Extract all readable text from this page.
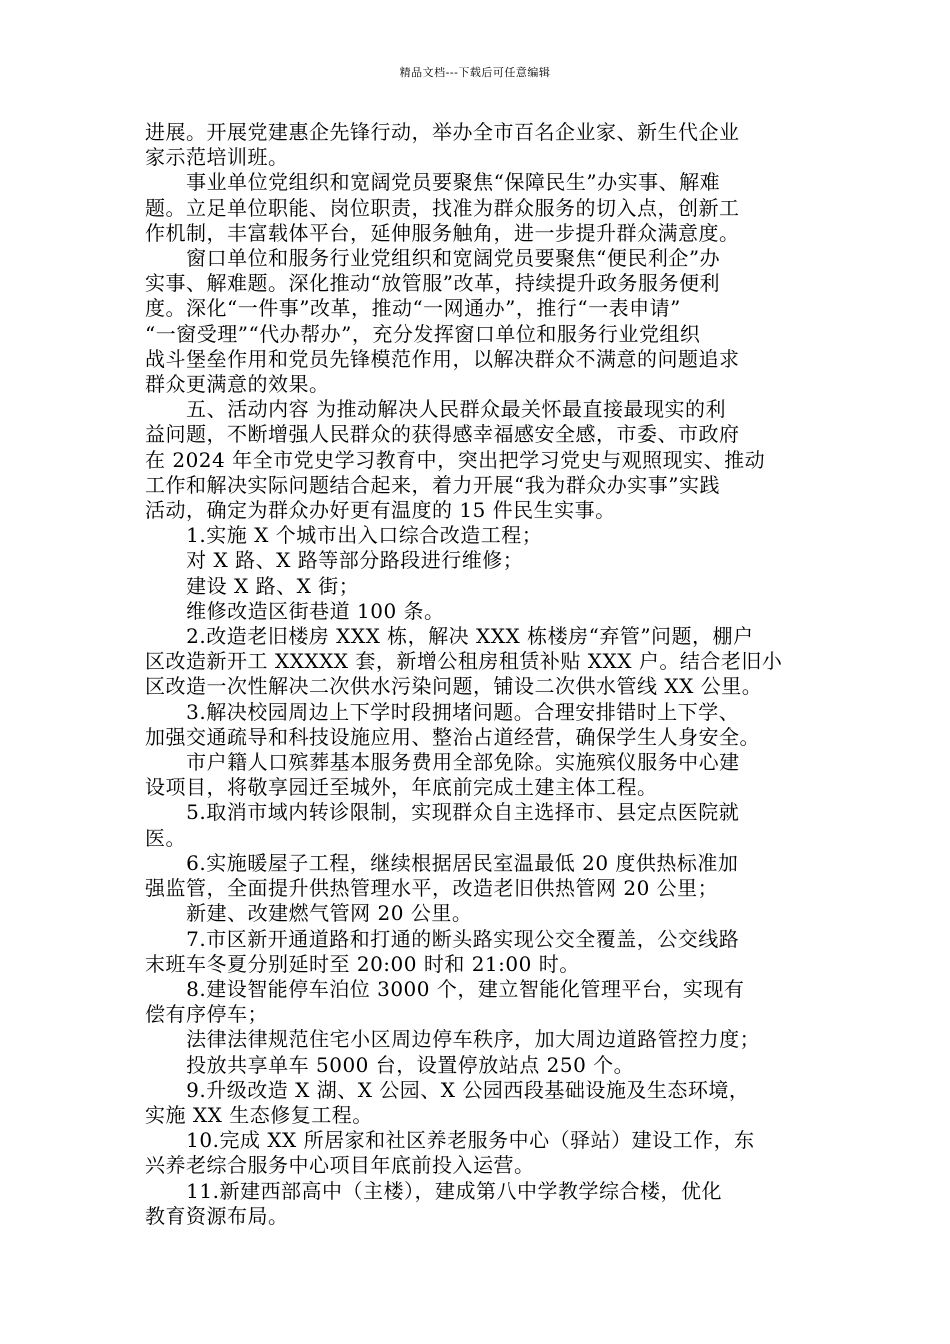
精品文档---下载后可任意编辑

进展。开展党建惠企先锋行动，举办全市百名企业家、新生代企业

家示范培训班。

事业单位党组织和宽阔党员要聚焦“保障民生”办实事、解难

题。立足单位职能、岗位职责，找准为群众服务的切入点，创新工

作机制，丰富载体平台，延伸服务触角，进一步提升群众满意度。

窗口单位和服务行业党组织和宽阔党员要聚焦“便民利企”办

实事、解难题。深化推动“放管服”改革，持续提升政务服务便利

度。深化“一件事”改革，推动“一网通办”，推行“一表申请”

“一窗受理”“代办帮办”，充分发挥窗口单位和服务行业党组织

战斗堡垒作用和党员先锋模范作用，以解决群众不满意的问题追求

群众更满意的效果。

五、活动内容 为推动解决人民群众最关怀最直接最现实的利

益问题，不断增强人民群众的获得感幸福感安全感，市委、市政府

在 2024 年全市党史学习教育中，突出把学习党史与观照现实、推动

工作和解决实际问题结合起来，着力开展“我为群众办实事”实践

活动，确定为群众办好更有温度的 15 件民生实事。

1.实施 X 个城市出入口综合改造工程；

对 X 路、X 路等部分路段进行维修；

建设 X 路、X 街；

维修改造区街巷道 100 条。

2.改造老旧楼房 XXX 栋，解决 XXX 栋楼房“弃管”问题，棚户

区改造新开工 XXXXX 套，新增公租房租赁补贴 XXX 户。结合老旧小

区改造一次性解决二次供水污染问题，铺设二次供水管线 XX 公里。

3.解决校园周边上下学时段拥堵问题。合理安排错时上下学、

加强交通疏导和科技设施应用、整治占道经营，确保学生人身安全。

市户籍人口殡葬基本服务费用全部免除。实施殡仪服务中心建

设项目，将敬享园迁至城外，年底前完成土建主体工程。

5.取消市域内转诊限制，实现群众自主选择市、县定点医院就

医。

6.实施暖屋子工程，继续根据居民室温最低 20 度供热标准加

强监管，全面提升供热管理水平，改造老旧供热管网 20 公里；

新建、改建燃气管网 20 公里。

7.市区新开通道路和打通的断头路实现公交全覆盖，公交线路

末班车冬夏分别延时至 20:00 时和 21:00 时。

8.建设智能停车泊位 3000 个，建立智能化管理平台，实现有

偿有序停车；

法律法律规范住宅小区周边停车秩序，加大周边道路管控力度；

投放共享单车 5000 台，设置停放站点 250 个。

9.升级改造 X 湖、X 公园、X 公园西段基础设施及生态环境，

实施 XX 生态修复工程。

10.完成 XX 所居家和社区养老服务中心（驿站）建设工作，东

兴养老综合服务中心项目年底前投入运营。

11.新建西部高中（主楼），建成第八中学教学综合楼，优化

教育资源布局。
